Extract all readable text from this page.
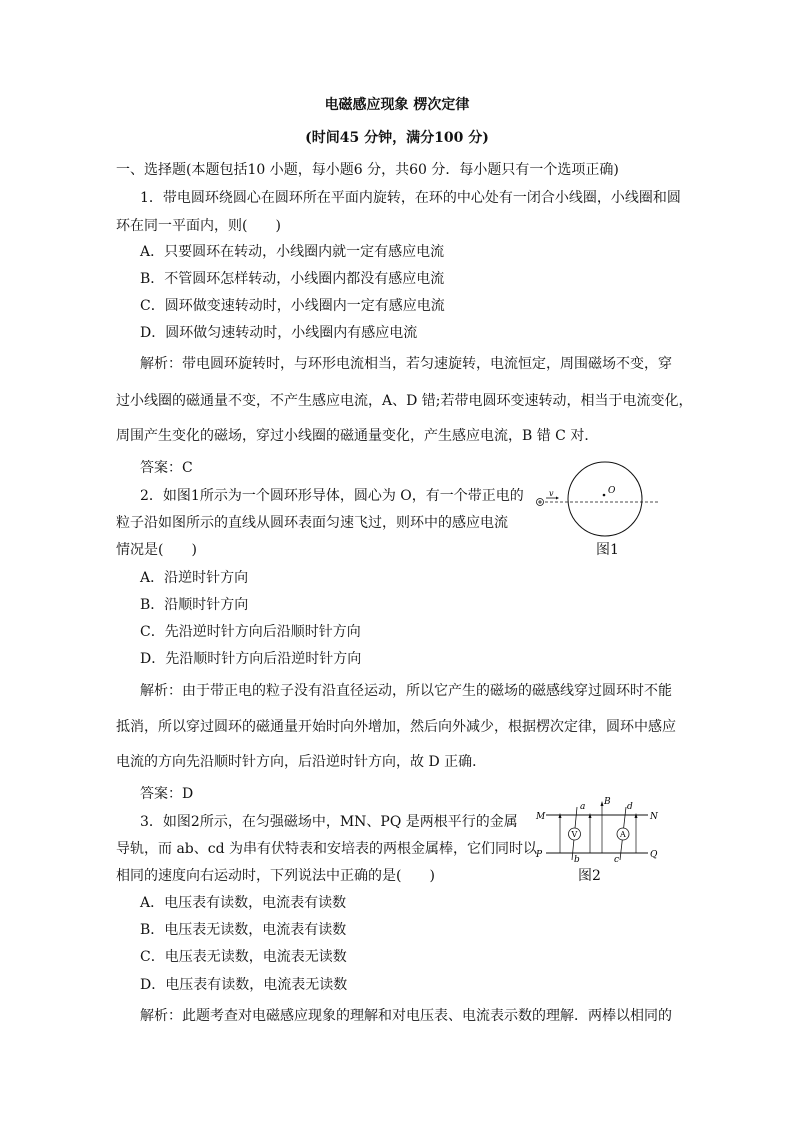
电磁感应现象 楞次定律
(时间45 分钟，满分100 分)
一、选择题(本题包括10 小题，每小题6 分，共60 分．每小题只有一个选项正确)
1．带电圆环绕圆心在圆环所在平面内旋转，在环的中心处有一闭合小线圈，小线圈和圆
环在同一平面内，则(　　)
A．只要圆环在转动，小线圈内就一定有感应电流
B．不管圆环怎样转动，小线圈内都没有感应电流
C．圆环做变速转动时，小线圈内一定有感应电流
D．圆环做匀速转动时，小线圈内有感应电流
解析：带电圆环旋转时，与环形电流相当，若匀速旋转，电流恒定，周围磁场不变，穿
过小线圈的磁通量不变，不产生感应电流，A、D 错;若带电圆环变速转动，相当于电流变化，
周围产生变化的磁场，穿过小线圈的磁通量变化，产生感应电流，B 错 C 对．
答案：C
2．如图1所示为一个圆环形导体，圆心为 O，有一个带正电的
粒子沿如图所示的直线从圆环表面匀速飞过，则环中的感应电流
情况是(　　)
v	O
图1
A．沿逆时针方向
B．沿顺时针方向
C．先沿逆时针方向后沿顺时针方向
D．先沿顺时针方向后沿逆时针方向
解析：由于带正电的粒子没有沿直径运动，所以它产生的磁场的磁感线穿过圆环时不能
抵消，所以穿过圆环的磁通量开始时向外增加，然后向外减少，根据楞次定律，圆环中感应
电流的方向先沿顺时针方向，后沿逆时针方向，故 D 正确．
答案：D
3．如图2所示，在匀强磁场中，MN、PQ 是两根平行的金属
导轨，而 ab、cd 为串有伏特表和安培表的两根金属棒，它们同时以
相同的速度向右运动时，下列说法中正确的是(　　)
V	A
M	N
P	Q
a
b	c
d
B
图2
A．电压表有读数，电流表有读数
B．电压表无读数，电流表有读数
C．电压表无读数，电流表无读数
D．电压表有读数，电流表无读数
解析：此题考查对电磁感应现象的理解和对电压表、电流表示数的理解．两棒以相同的
